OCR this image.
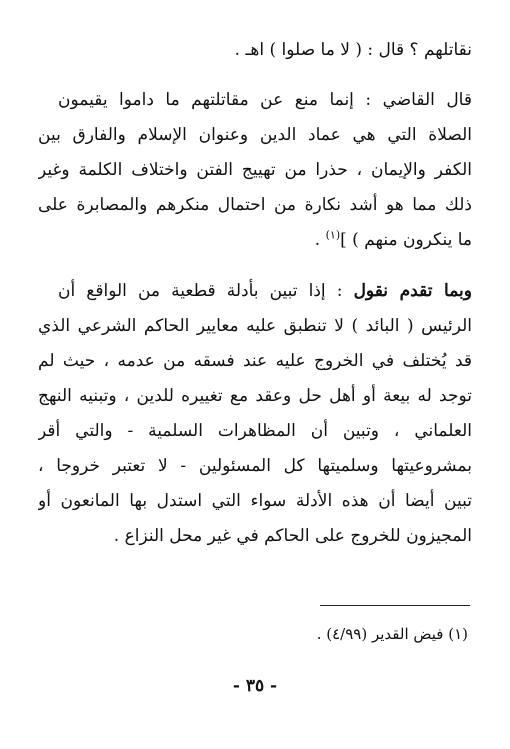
نقاتلهم ؟ قال : ( لا ما صلوا ) اهـ .
قال القاضي : إنما منع عن مقاتلتهم ما داموا يقيمون
الصلاة التي هي عماد الدين وعنوان الإسلام والفارق بين
الكفر والإيمان ، حذرا من تهييج الفتن واختلاف الكلمة وغير
ذلك مما هو أشد نكارة من احتمال منكرهم والمصابرة على
ما ينكرون منهم ) ]$^{(١)}$ .
وبما تقدم نقول : إذا تبين بأدلة قطعية من الواقع أن
الرئيس ( البائد ) لا تنطبق عليه معايير الحاكم الشرعي الذي
قد يُختلف في الخروج عليه عند فسقه من عدمه ، حيث لم
توجد له بيعة أو أهل حل وعقد مع تغييره للدين ، وتبنيه النهج
العلماني ، وتبين أن المظاهرات السلمية - والتي أقر
بمشروعيتها وسلميتها كل المسئولين - لا تعتبر خروجا ،
تبين أيضا أن هذه الأدلة سواء التي استدل بها المانعون أو
المجيزون للخروج على الحاكم في غير محل النزاع .
(١) فيض القدير (٤/٩٩) .
- ٣٥ -
